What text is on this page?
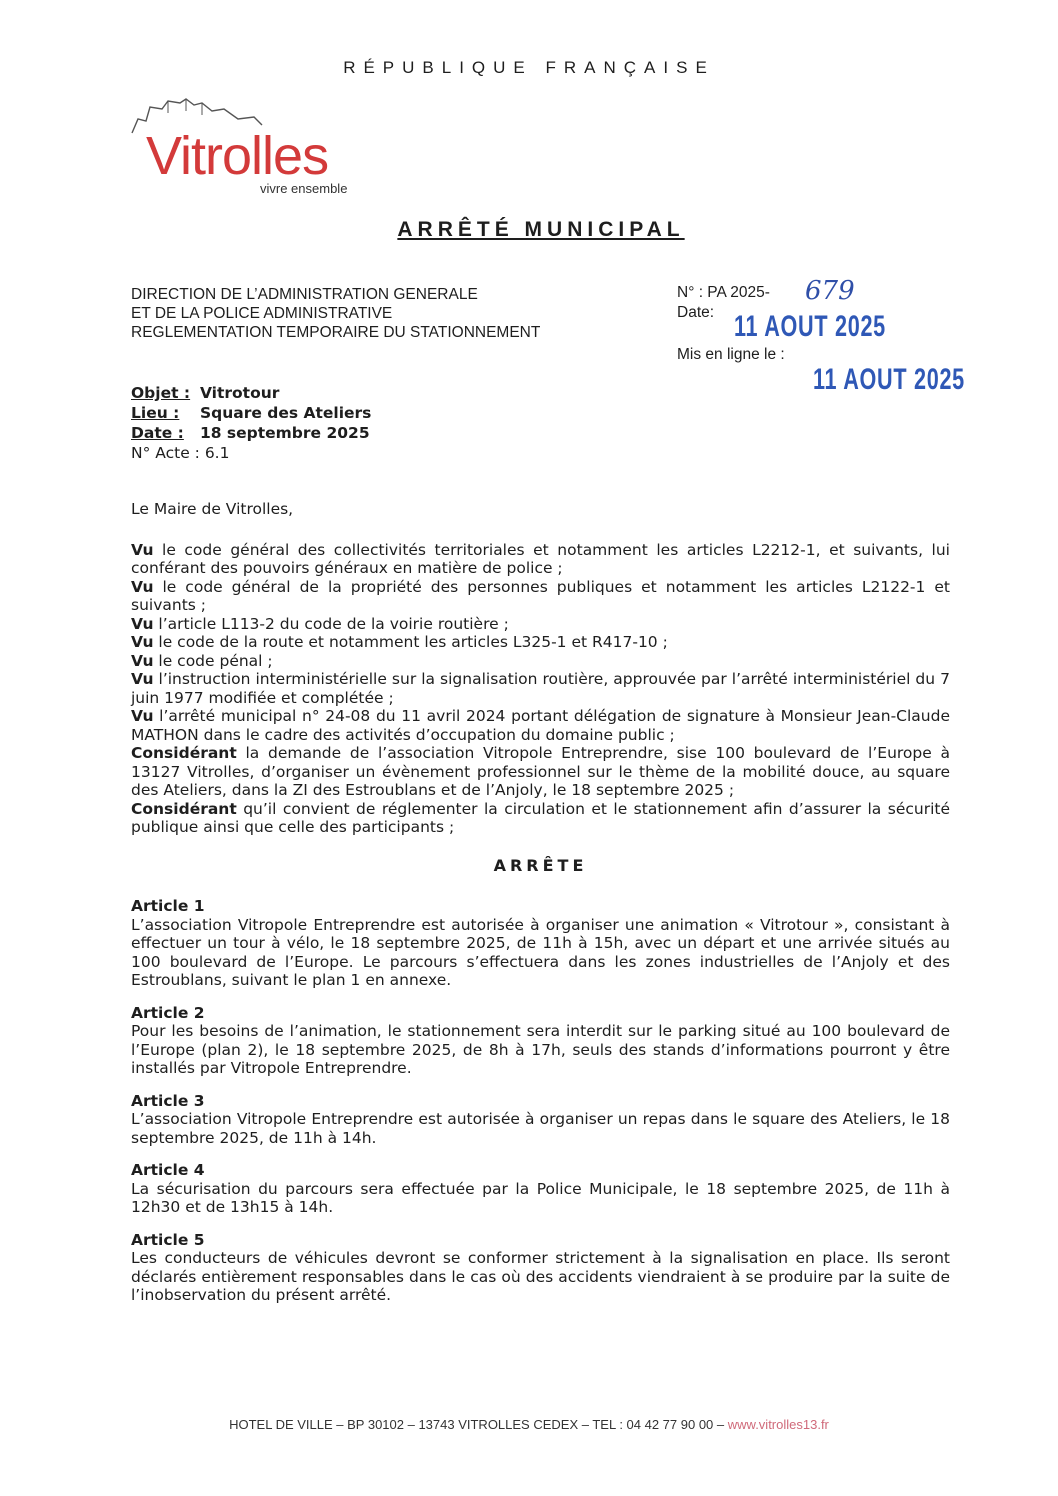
RÉPUBLIQUE FRANÇAISE
Vitrolles
vivre ensemble
ARRÊTÉ MUNICIPAL
DIRECTION DE L’ADMINISTRATION GENERALE
ET DE LA POLICE ADMINISTRATIVE
REGLEMENTATION TEMPORAIRE DU STATIONNEMENT
N° : PA 2025-
Date:
Mis en ligne le :
679
11 AOUT 2025
11 AOUT 2025
Objet : Vitrotour
Lieu : Square des Ateliers
Date : 18 septembre 2025
N° Acte : 6.1

Le Maire de Vitrolles,

Vu le code général des collectivités territoriales et notamment les articles L2212-1, et suivants, lui conférant des pouvoirs généraux en matière de police ;

Vu le code général de la propriété des personnes publiques et notamment les articles L2122-1 et suivants ;

Vu l’article L113-2 du code de la voirie routière ;

Vu le code de la route et notamment les articles L325-1 et R417-10 ;

Vu le code pénal ;

Vu l’instruction interministérielle sur la signalisation routière, approuvée par l’arrêté interministériel du 7 juin 1977 modifiée et complétée ;

Vu l’arrêté municipal n° 24-08 du 11 avril 2024 portant délégation de signature à Monsieur Jean-Claude MATHON dans le cadre des activités d’occupation du domaine public ;

Considérant la demande de l’association Vitropole Entreprendre, sise 100 boulevard de l’Europe à 13127 Vitrolles, d’organiser un évènement professionnel sur le thème de la mobilité douce, au square des Ateliers, dans la ZI des Estroublans et de l’Anjoly, le 18 septembre 2025 ;

Considérant qu’il convient de réglementer la circulation et le stationnement afin d’assurer la sécurité publique ainsi que celle des participants ;

ARRÊTE
Article 1

L’association Vitropole Entreprendre est autorisée à organiser une animation « Vitrotour », consistant à effectuer un tour à vélo, le 18 septembre 2025, de 11h à 15h, avec un départ et une arrivée situés au 100 boulevard de l’Europe. Le parcours s’effectuera dans les zones industrielles de l’Anjoly et des Estroublans, suivant le plan 1 en annexe.

Article 2

Pour les besoins de l’animation, le stationnement sera interdit sur le parking situé au 100 boulevard de l’Europe (plan 2), le 18 septembre 2025, de 8h à 17h, seuls des stands d’informations pourront y être installés par Vitropole Entreprendre.

Article 3

L’association Vitropole Entreprendre est autorisée à organiser un repas dans le square des Ateliers, le 18 septembre 2025, de 11h à 14h.

Article 4

La sécurisation du parcours sera effectuée par la Police Municipale, le 18 septembre 2025, de 11h à 12h30 et de 13h15 à 14h.

Article 5

Les conducteurs de véhicules devront se conformer strictement à la signalisation en place. Ils seront déclarés entièrement responsables dans le cas où des accidents viendraient à se produire par la suite de l’inobservation du présent arrêté.

HOTEL DE VILLE – BP 30102 – 13743 VITROLLES CEDEX – TEL : 04 42 77 90 00 – www.vitrolles13.fr
